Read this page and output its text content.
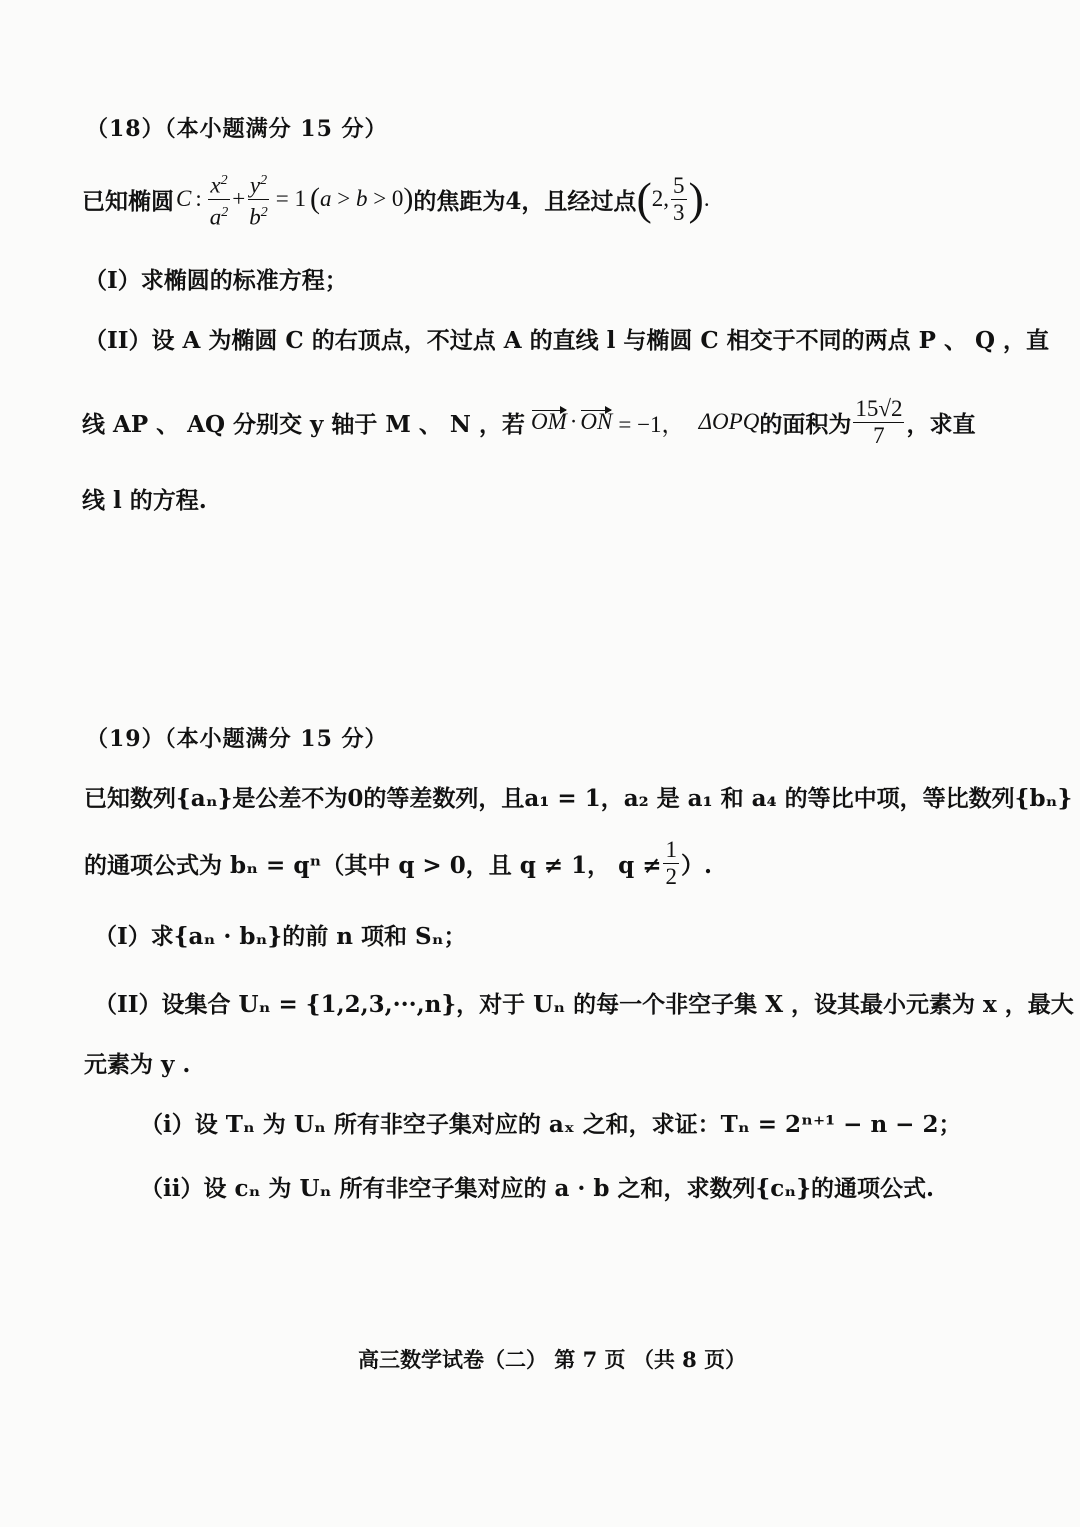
（18）（本小题满分 15 分）
已知椭圆 C : $\frac{x^2}{a^2} + \frac{y^2}{b^2} = 1$ ( a > b > 0 ) 的焦距为4，且经过点 ( 2, $\frac{5}{3}$ ) .
（I）求椭圆的标准方程；
（II）设 A 为椭圆 C 的右顶点，不过点 A 的直线 l 与椭圆 C 相交于不同的两点 P 、 Q ，直
线 AP 、 AQ 分别交 y 轴于 M 、 N ，若 OM · ON = −1， ΔOPQ 的面积为 $\frac{15√2}{7}$ ，求直
线 l 的方程.
（19）（本小题满分 15 分）
已知数列{aₙ}是公差不为0的等差数列，且a₁ = 1，a₂ 是 a₁ 和 a₄ 的等比中项，等比数列{bₙ}
的通项公式为 bₙ = qⁿ（其中 q > 0，且 q ≠ 1， $q \ne \frac{1}{2}$ ）.
（I）求{aₙ · bₙ}的前 n 项和 Sₙ；
（II）设集合 Uₙ = {1,2,3,···,n}，对于 Uₙ 的每一个非空子集 X ，设其最小元素为 x ，最大
元素为 y .
（i）设 Tₙ 为 Uₙ 所有非空子集对应的 aₓ 之和，求证：Tₙ = 2ⁿ⁺¹ − n − 2；
（ii）设 cₙ 为 Uₙ 所有非空子集对应的 a · b 之和，求数列{cₙ}的通项公式.
高三数学试卷（二） 第 7 页 （共 8 页）
